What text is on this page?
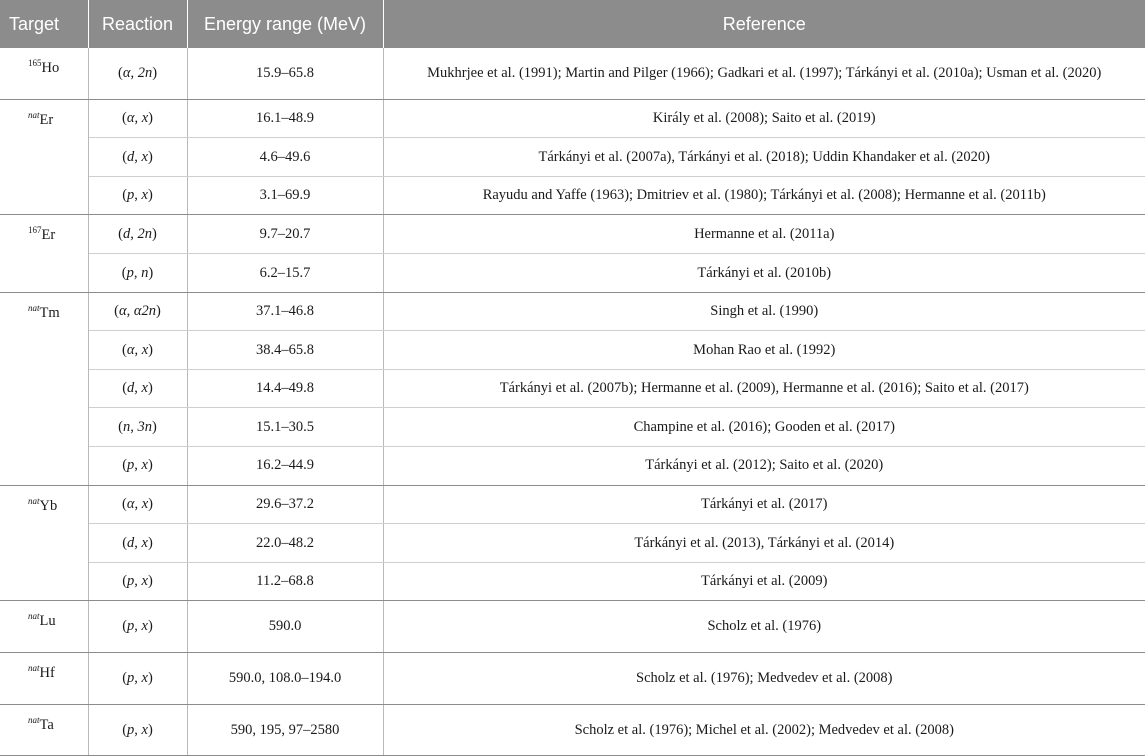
Target	Reaction	Energy range (MeV)	Reference
$^{165}$Ho	(α, 2n)	15.9–65.8	Mukhrjee et al. (1991); Martin and Pilger (1966); Gadkari et al. (1997); Tárkányi et al. (2010a); Usman et al. (2020)
$^{nat}$Er	(α, x)	16.1–48.9	Király et al. (2008); Saito et al. (2019)
	(d, x)	4.6–49.6	Tárkányi et al. (2007a), Tárkányi et al. (2018); Uddin Khandaker et al. (2020)
	(p, x)	3.1–69.9	Rayudu and Yaffe (1963); Dmitriev et al. (1980); Tárkányi et al. (2008); Hermanne et al. (2011b)
$^{167}$Er	(d, 2n)	9.7–20.7	Hermanne et al. (2011a)
	(p, n)	6.2–15.7	Tárkányi et al. (2010b)
$^{nat}$Tm	(α, α2n)	37.1–46.8	Singh et al. (1990)
	(α, x)	38.4–65.8	Mohan Rao et al. (1992)
	(d, x)	14.4–49.8	Tárkányi et al. (2007b); Hermanne et al. (2009), Hermanne et al. (2016); Saito et al. (2017)
	(n, 3n)	15.1–30.5	Champine et al. (2016); Gooden et al. (2017)
	(p, x)	16.2–44.9	Tárkányi et al. (2012); Saito et al. (2020)
$^{nat}$Yb	(α, x)	29.6–37.2	Tárkányi et al. (2017)
	(d, x)	22.0–48.2	Tárkányi et al. (2013), Tárkányi et al. (2014)
	(p, x)	11.2–68.8	Tárkányi et al. (2009)
$^{nat}$Lu	(p, x)	590.0	Scholz et al. (1976)
$^{nat}$Hf	(p, x)	590.0, 108.0–194.0	Scholz et al. (1976); Medvedev et al. (2008)
$^{nat}$Ta	(p, x)	590, 195, 97–2580	Scholz et al. (1976); Michel et al. (2002); Medvedev et al. (2008)
